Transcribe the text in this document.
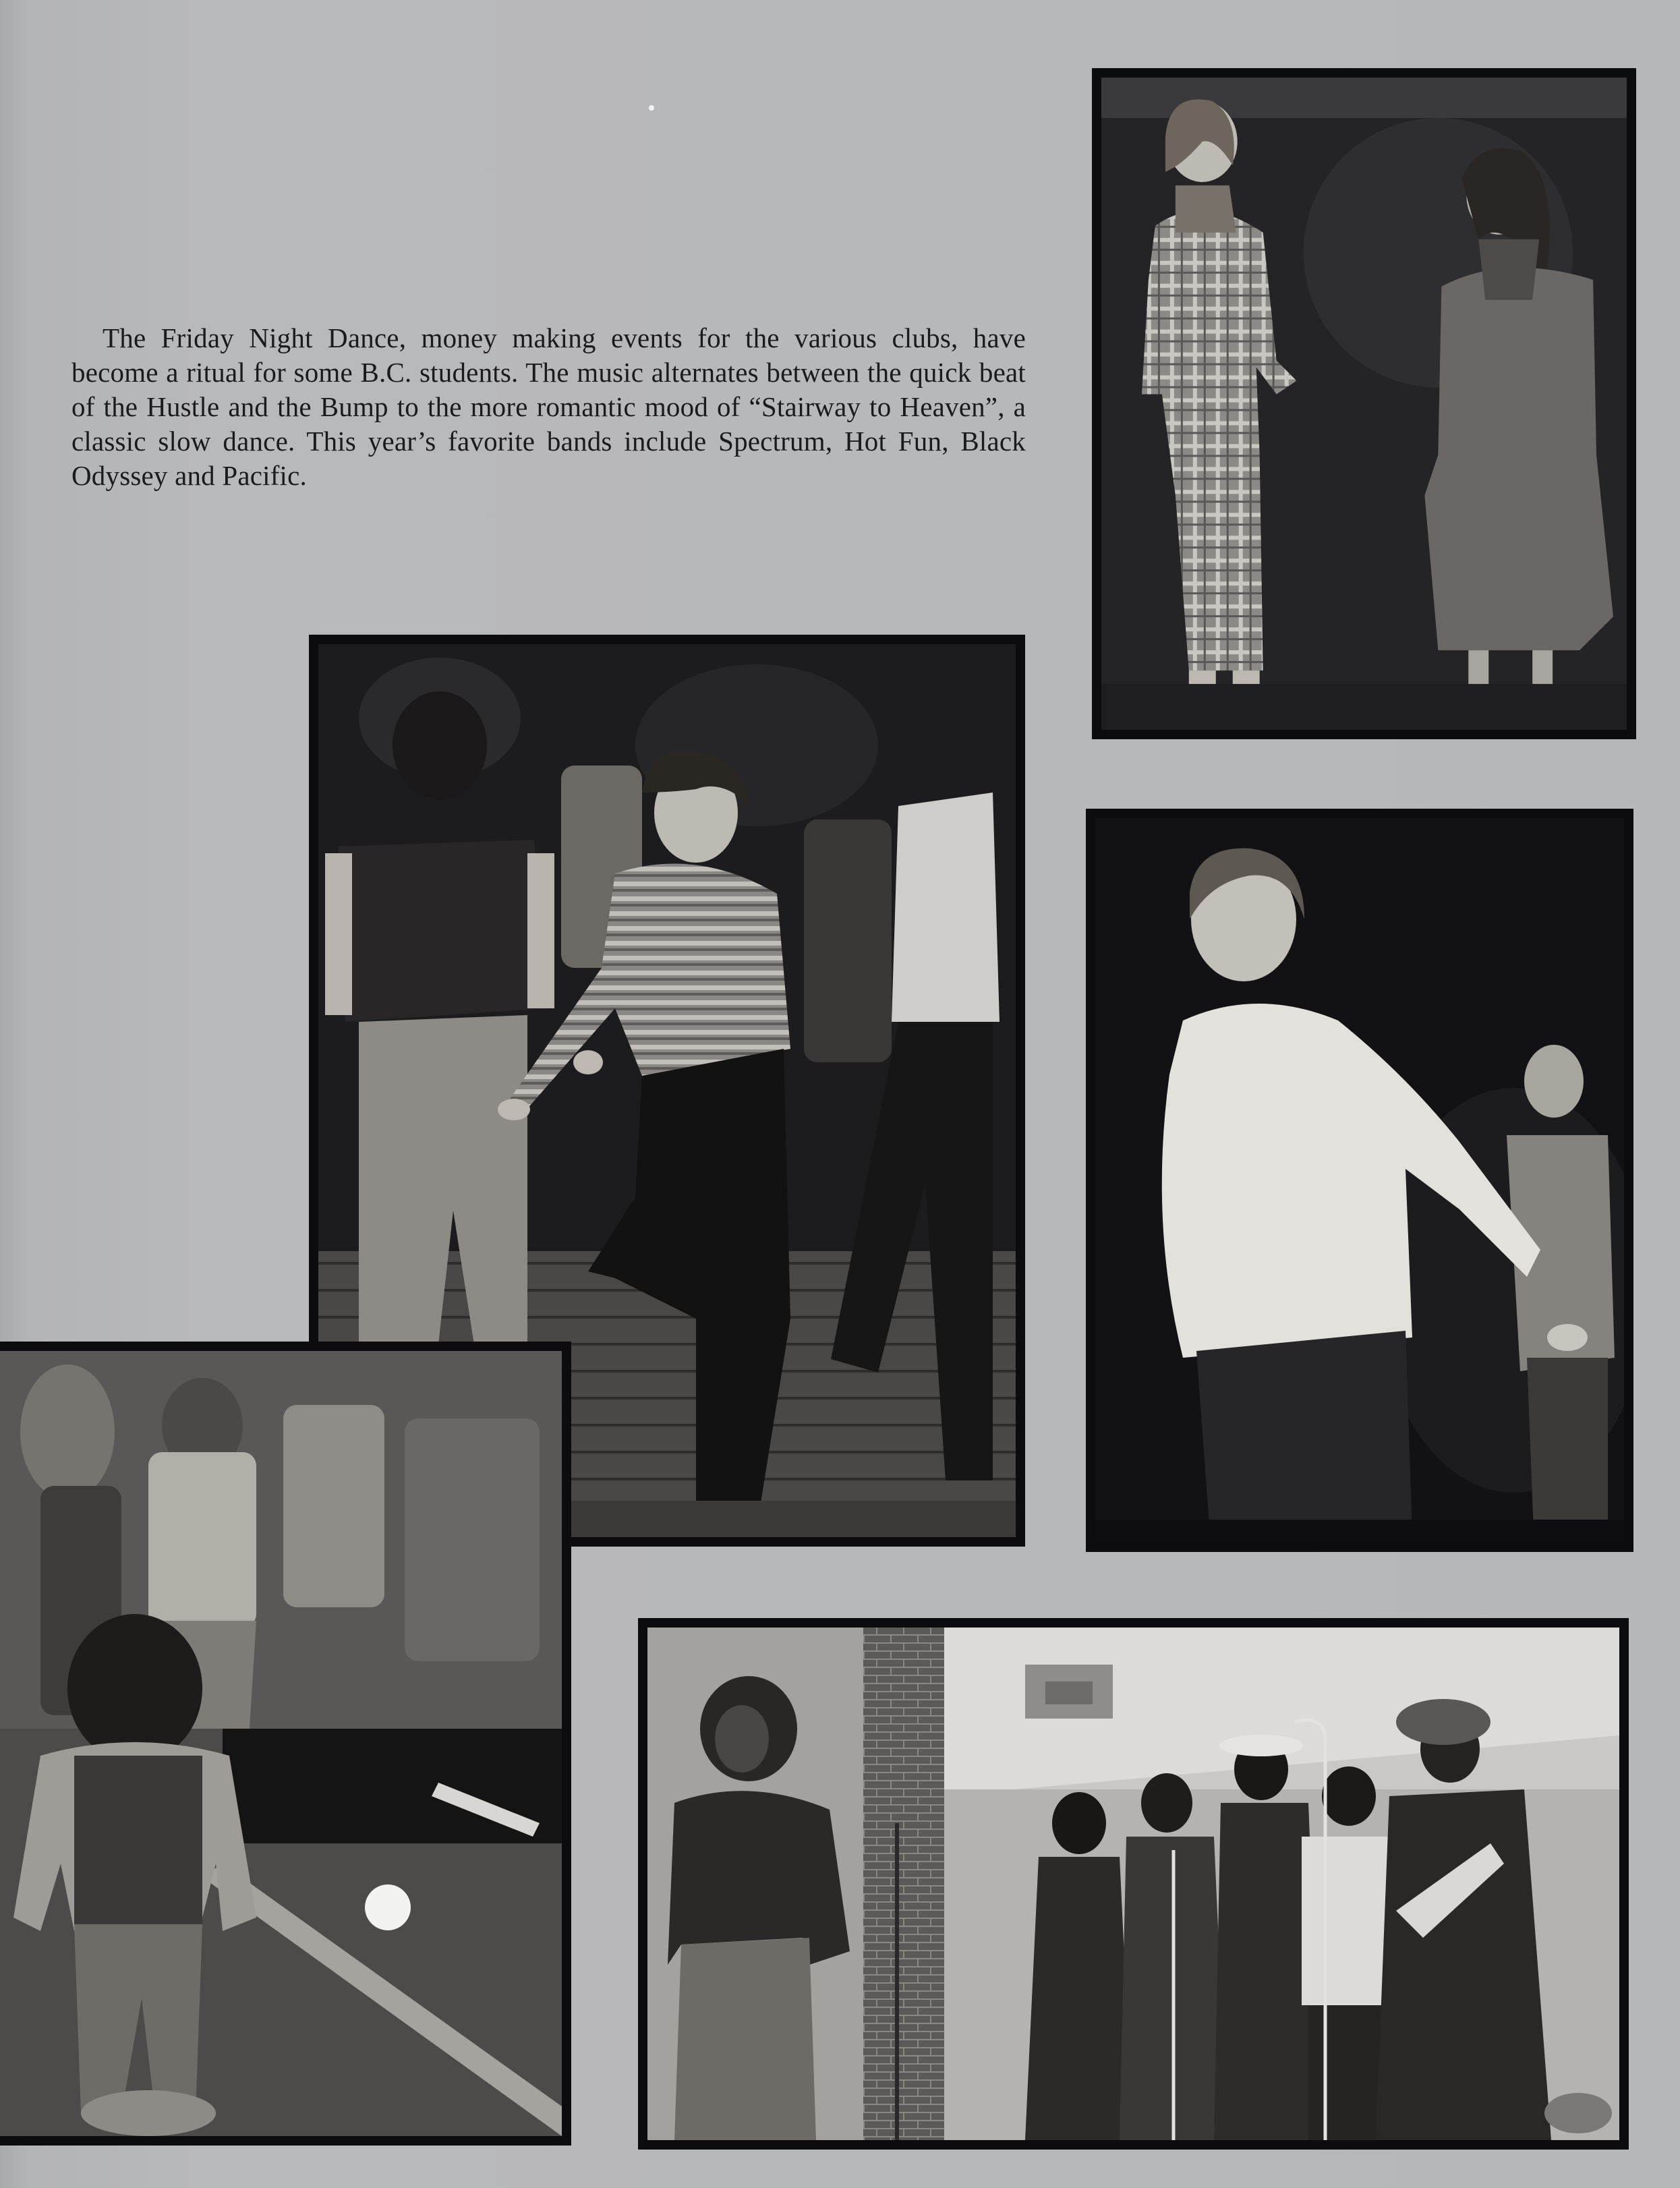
The Friday Night Dance, money making events for the various clubs, have become a ritual for some B.C. students. The music alternates between the quick beat of the Hustle and the Bump to the more romantic mood of “Stairway to Heaven”, a classic slow dance. This year’s favorite bands include Spectrum, Hot Fun, Black Odyssey and Pacific.
